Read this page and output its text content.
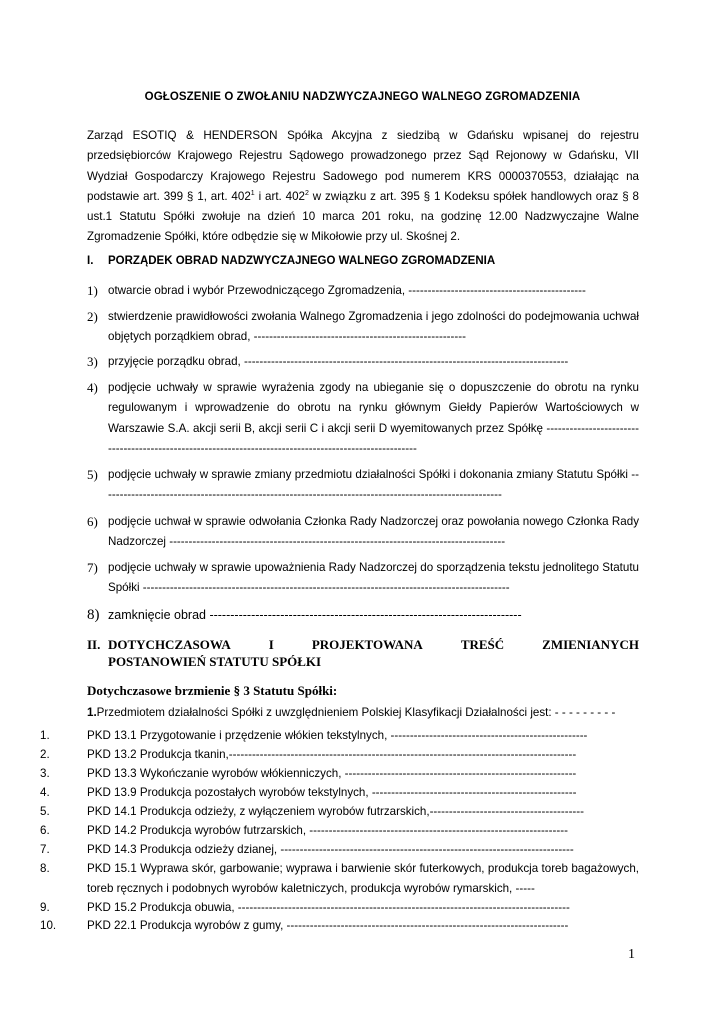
OGŁOSZENIE O ZWOŁANIU NADZWYCZAJNEGO WALNEGO ZGROMADZENIA
Zarząd ESOTIQ & HENDERSON Spółka Akcyjna z siedzibą w Gdańsku wpisanej do rejestru przedsiębiorców Krajowego Rejestru Sądowego prowadzonego przez Sąd Rejonowy w Gdańsku, VII Wydział Gospodarczy Krajowego Rejestru Sadowego pod numerem KRS 0000370553, działając na podstawie art. 399 § 1, art. $402^1$ i art. $402^2$ w związku z art. 395 § 1 Kodeksu spółek handlowych oraz § 8 ust.1 Statutu Spółki zwołuje na dzień 10 marca 201 roku, na godzinę 12.00 Nadzwyczajne Walne Zgromadzenie Spółki, które odbędzie się w Mikołowie przy ul. Skośnej 2.
I. PORZĄDEK OBRAD NADZWYCZAJNEGO WALNEGO ZGROMADZENIA
1) otwarcie obrad i wybór Przewodniczącego Zgromadzenia, ----------------------------------------------
2) stwierdzenie prawidłowości zwołania Walnego Zgromadzenia i jego zdolności do podejmowania uchwał objętych porządkiem obrad, -------------------------------------------------------
3) przyjęcie porządku obrad, ------------------------------------------------------------------------------------
4) podjęcie uchwały w sprawie wyrażenia zgody na ubieganie się o dopuszczenie do obrotu na rynku regulowanym i wprowadzenie do obrotu na rynku głównym Giełdy Papierów Wartościowych w Warszawie S.A. akcji serii B, akcji serii C i akcji serii D wyemitowanych przez Spółkę --------------------------------------------------------------------------------------------------------
5) podjęcie uchwały w sprawie zmiany przedmiotu działalności Spółki i dokonania zmiany Statutu Spółki --------------------------------------------------------------------------------------------------------
6) podjęcie uchwał w sprawie odwołania Członka Rady Nadzorczej oraz powołania nowego Członka Rady Nadzorczej ---------------------------------------------------------------------------------------
7) podjęcie uchwały w sprawie upoważnienia Rady Nadzorczej do sporządzenia tekstu jednolitego Statutu Spółki -----------------------------------------------------------------------------------------------
8) zamknięcie obrad ---------------------------------------------------------------------------
II. DOTYCHCZASOWA	I	PROJEKTOWANA	TREŚĆ	ZMIENIANYCH
POSTANOWIEŃ STATUTU SPÓŁKI
Dotychczasowe brzmienie § 3 Statutu Spółki:
1.Przedmiotem działalności Spółki z uwzględnieniem Polskiej Klasyfikacji Działalności jest: - - - - - - - - -
1.	PKD 13.1 Przygotowanie i przędzenie włókien tekstylnych, ---------------------------------------------------
2.	PKD 13.2 Produkcja tkanin,------------------------------------------------------------------------------------------
3.	PKD 13.3 Wykończanie wyrobów włókienniczych, ------------------------------------------------------------
4.	PKD 13.9 Produkcja pozostałych wyrobów tekstylnych, -----------------------------------------------------
5.	PKD 14.1 Produkcja odzieży, z wyłączeniem wyrobów futrzarskich,----------------------------------------
6.	PKD 14.2 Produkcja wyrobów futrzarskich, -------------------------------------------------------------------
7.	PKD 14.3 Produkcja odzieży dzianej, ----------------------------------------------------------------------------
8.	PKD 15.1 Wyprawa skór, garbowanie; wyprawa i barwienie skór futerkowych, produkcja toreb bagażowych, toreb ręcznych i podobnych wyrobów kaletniczych, produkcja wyrobów rymarskich, -----
9.	PKD 15.2 Produkcja obuwia, --------------------------------------------------------------------------------------
10.	PKD 22.1 Produkcja wyrobów z gumy, -------------------------------------------------------------------------
1
